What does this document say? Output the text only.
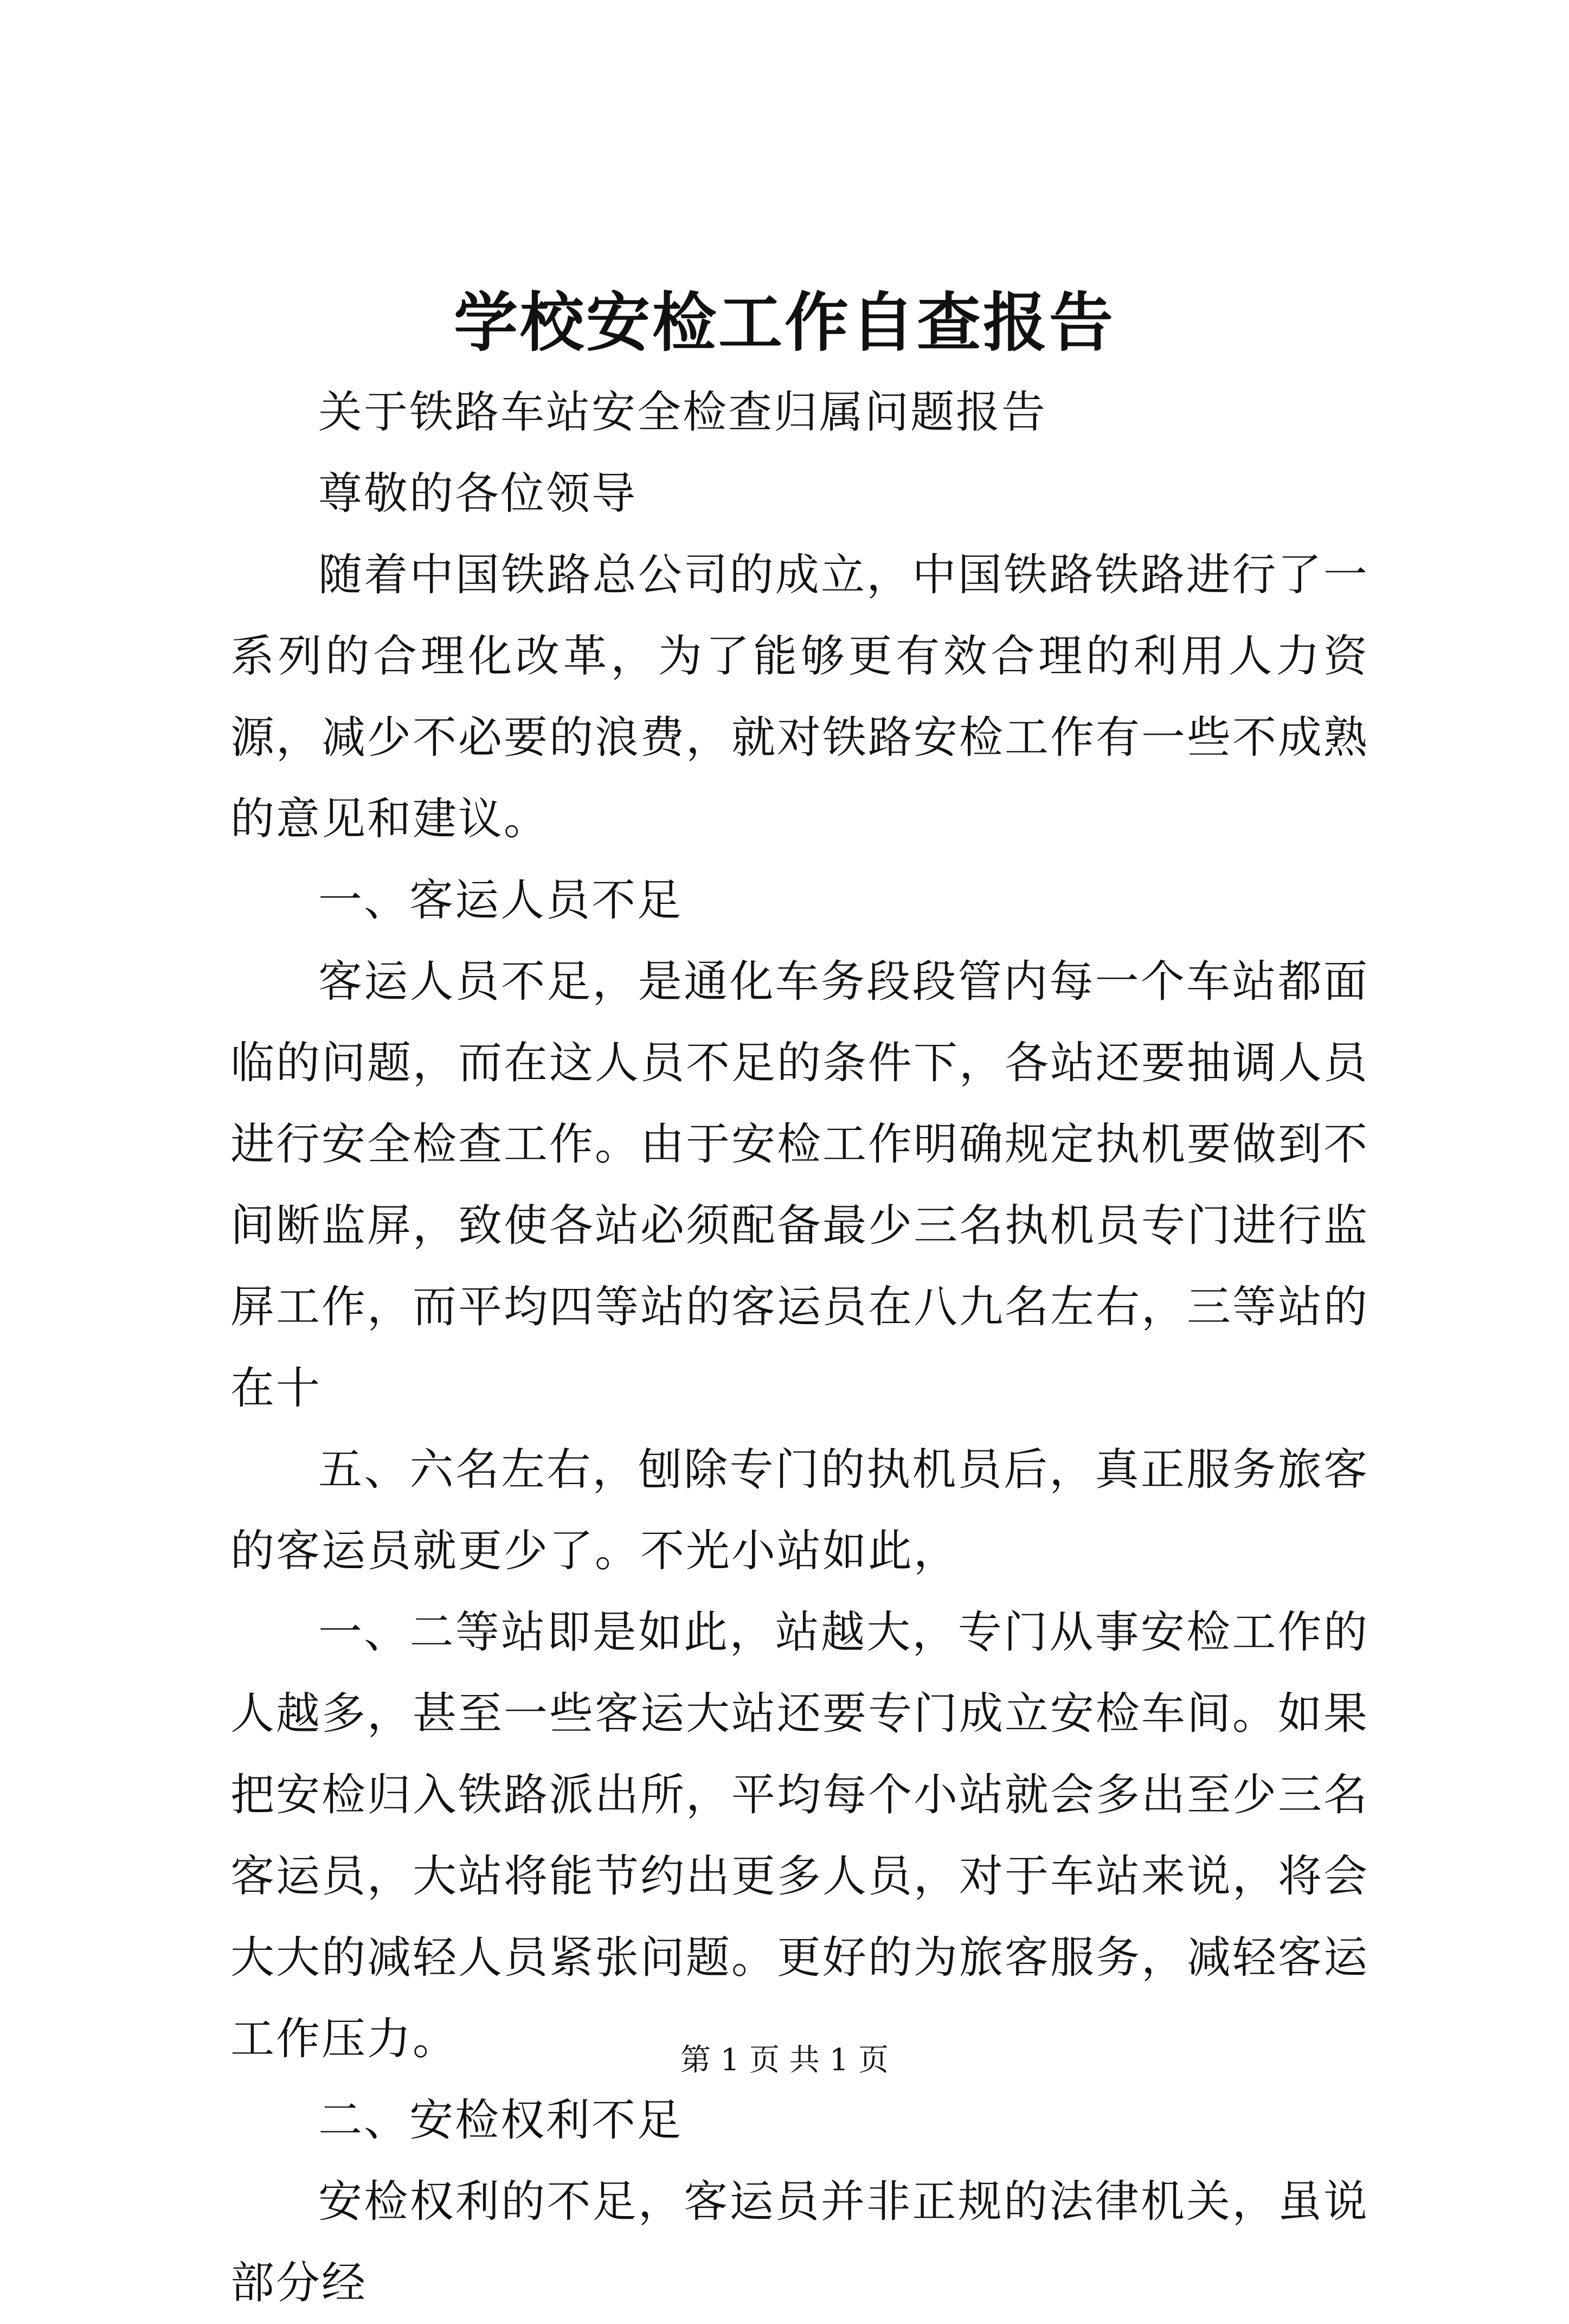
学校安检工作自查报告

关于铁路车站安全检查归属问题报告

尊敬的各位领导

随着中国铁路总公司的成立，中国铁路铁路进行了一系列的合理化改革，为了能够更有效合理的利用人力资源，减少不必要的浪费，就对铁路安检工作有一些不成熟的意见和建议。

一、客运人员不足

客运人员不足，是通化车务段段管内每一个车站都面临的问题，而在这人员不足的条件下，各站还要抽调人员进行安全检查工作。由于安检工作明确规定执机要做到不间断监屏，致使各站必须配备最少三名执机员专门进行监屏工作，而平均四等站的客运员在八九名左右，三等站的在十

五、六名左右，刨除专门的执机员后，真正服务旅客的客运员就更少了。不光小站如此，

一、二等站即是如此，站越大，专门从事安检工作的人越多，甚至一些客运大站还要专门成立安检车间。如果把安检归入铁路派出所，平均每个小站就会多出至少三名客运员，大站将能节约出更多人员，对于车站来说，将会大大的减轻人员紧张问题。更好的为旅客服务，减轻客运工作压力。

二、安检权利不足

安检权利的不足，客运员并非正规的法律机关，虽说部分经

第 1 页 共 1 页
